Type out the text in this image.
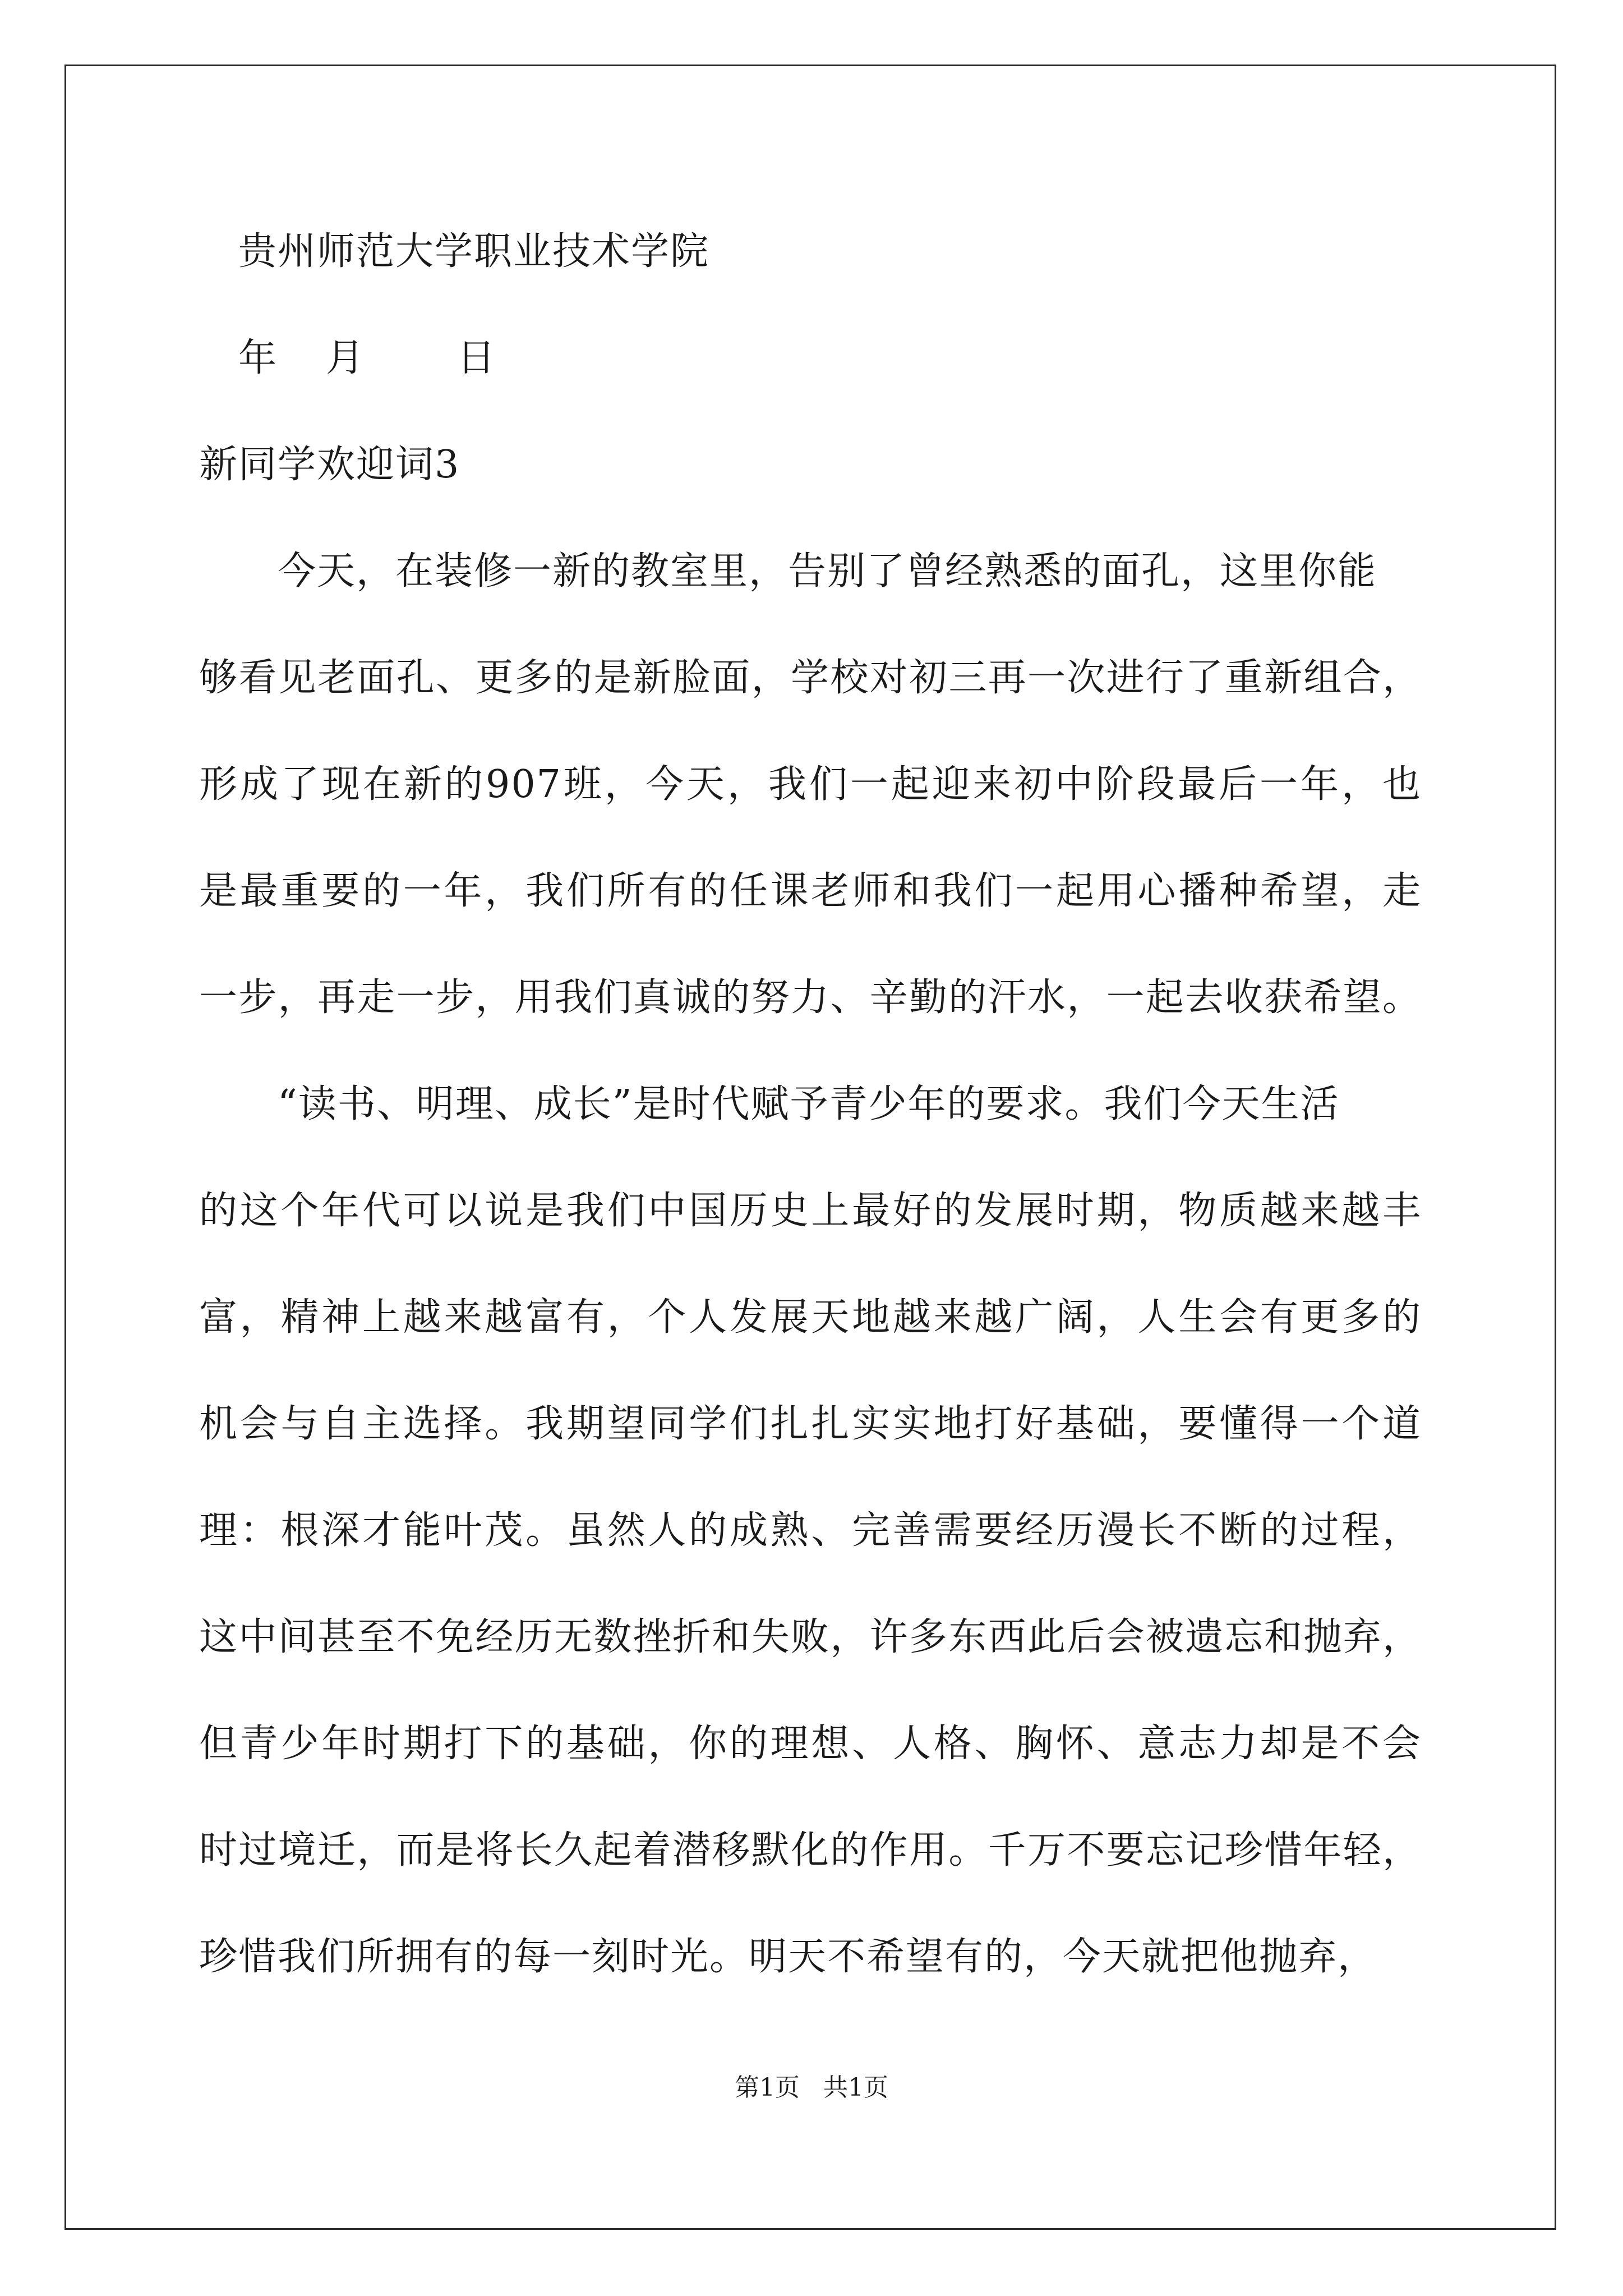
贵州师范大学职业技术学院
年　月　　日
新同学欢迎词3
今天，在装修一新的教室里，告别了曾经熟悉的面孔，这里你能
够看见老面孔、更多的是新脸面，学校对初三再一次进行了重新组合，
形成了现在新的907班，今天，我们一起迎来初中阶段最后一年，也
是最重要的一年，我们所有的任课老师和我们一起用心播种希望，走
一步，再走一步，用我们真诚的努力、辛勤的汗水，一起去收获希望。
“读书、明理、成长”是时代赋予青少年的要求。我们今天生活
的这个年代可以说是我们中国历史上最好的发展时期，物质越来越丰
富，精神上越来越富有，个人发展天地越来越广阔，人生会有更多的
机会与自主选择。我期望同学们扎扎实实地打好基础，要懂得一个道
理：根深才能叶茂。虽然人的成熟、完善需要经历漫长不断的过程，
这中间甚至不免经历无数挫折和失败，许多东西此后会被遗忘和抛弃，
但青少年时期打下的基础，你的理想、人格、胸怀、意志力却是不会
时过境迁，而是将长久起着潜移默化的作用。千万不要忘记珍惜年轻，
珍惜我们所拥有的每一刻时光。明天不希望有的，今天就把他抛弃，
第1页 共1页
